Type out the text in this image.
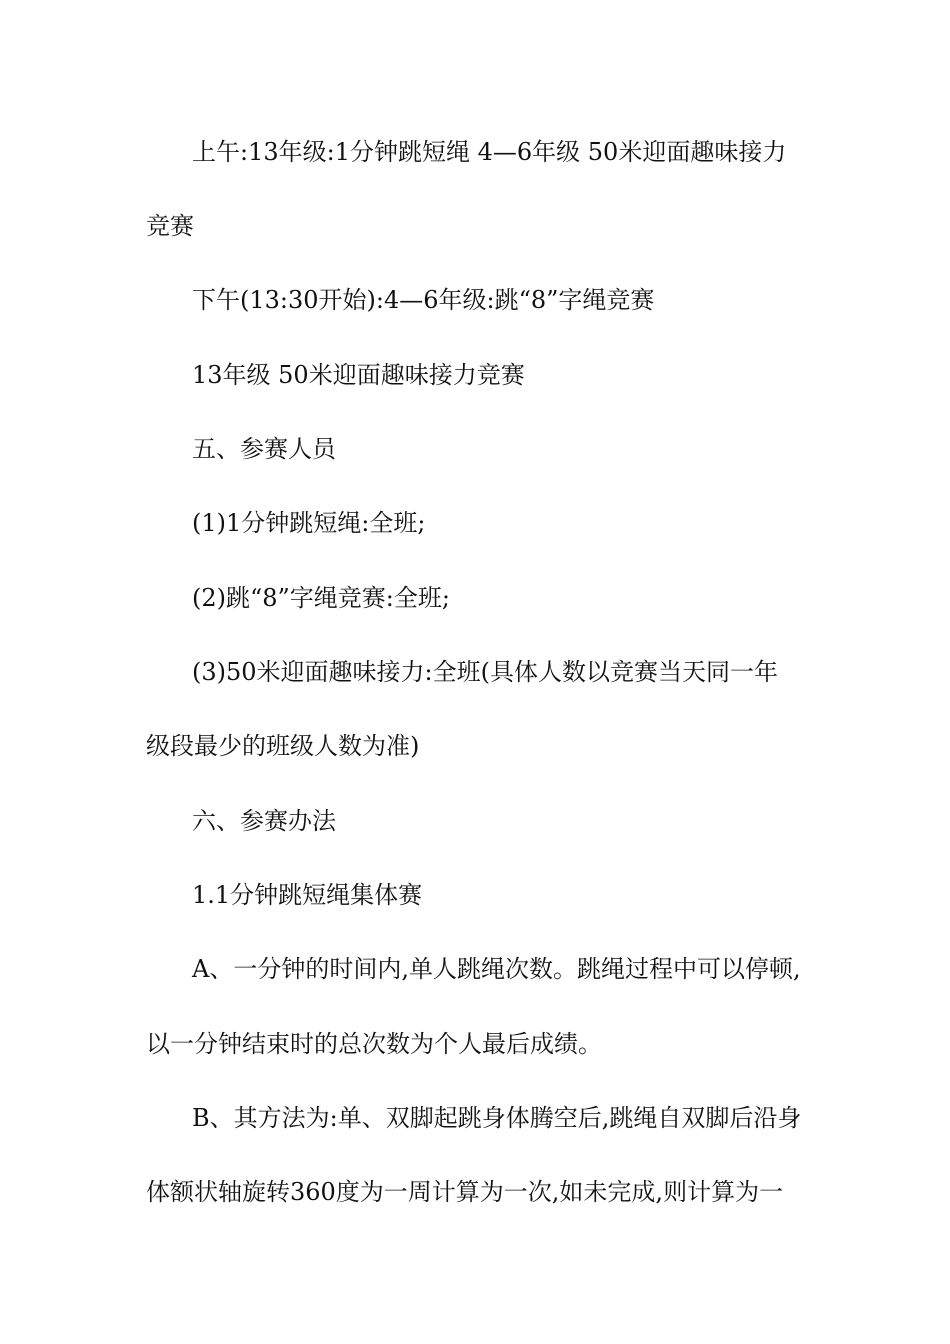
上午:13年级:1分钟跳短绳 4—6年级 50米迎面趣味接力
竞赛
下午(13:30开始):4—6年级:跳“8”字绳竞赛
13年级 50米迎面趣味接力竞赛
五、参赛人员
(1)1分钟跳短绳:全班;
(2)跳“8”字绳竞赛:全班;
(3)50米迎面趣味接力:全班(具体人数以竞赛当天同一年
级段最少的班级人数为准)
六、参赛办法
1.1分钟跳短绳集体赛
A、一分钟的时间内,单人跳绳次数。跳绳过程中可以停顿,
以一分钟结束时的总次数为个人最后成绩。
B、其方法为:单、双脚起跳身体腾空后,跳绳自双脚后沿身
体额状轴旋转360度为一周计算为一次,如未完成,则计算为一
